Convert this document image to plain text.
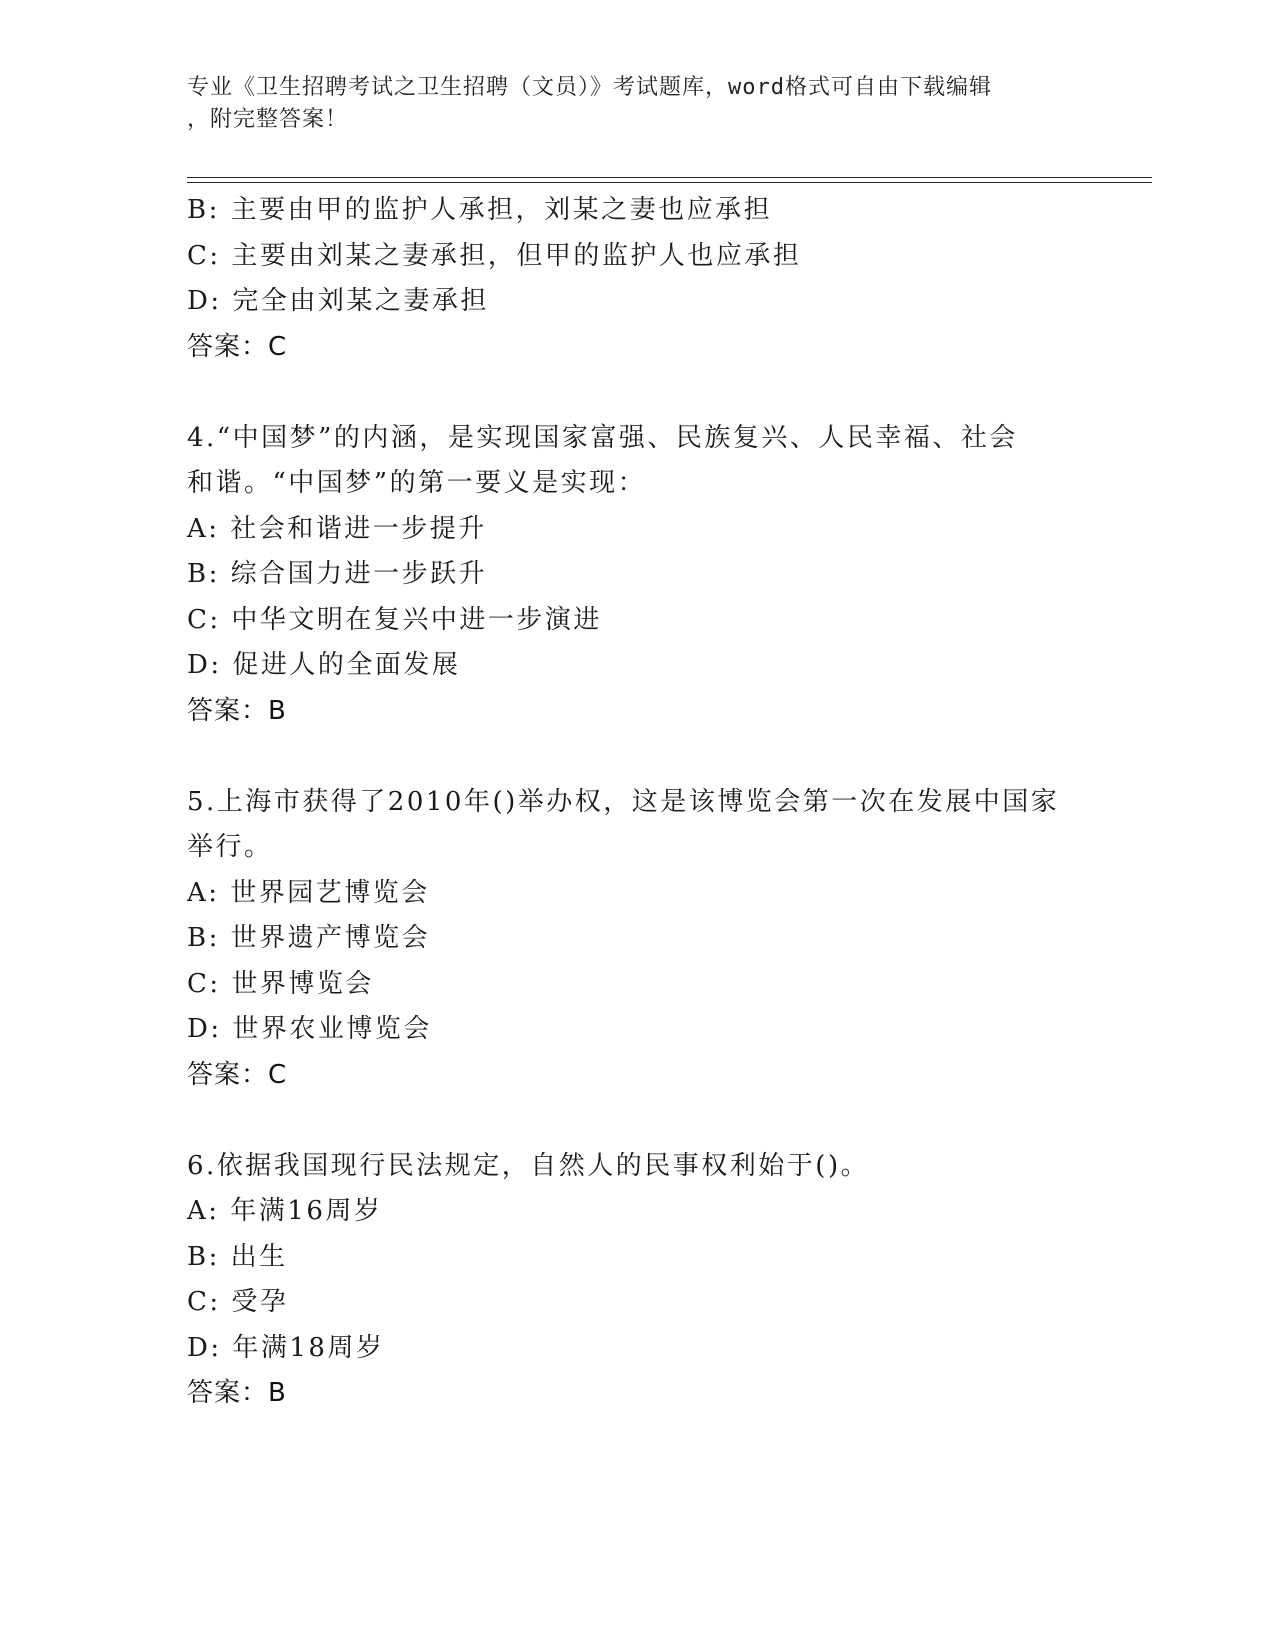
专业《卫生招聘考试之卫生招聘（文员）》考试题库，word格式可自由下载编辑
，附完整答案！
B: 主要由甲的监护人承担，刘某之妻也应承担
C: 主要由刘某之妻承担，但甲的监护人也应承担
D: 完全由刘某之妻承担
答案：C
4.“中国梦”的内涵，是实现国家富强、民族复兴、人民幸福、社会
和谐。“中国梦”的第一要义是实现：
A: 社会和谐进一步提升
B: 综合国力进一步跃升
C: 中华文明在复兴中进一步演进
D: 促进人的全面发展
答案：B
5.上海市获得了2010年()举办权，这是该博览会第一次在发展中国家
举行。
A: 世界园艺博览会
B: 世界遗产博览会
C: 世界博览会
D: 世界农业博览会
答案：C
6.依据我国现行民法规定，自然人的民事权利始于()。
A: 年满16周岁
B: 出生
C: 受孕
D: 年满18周岁
答案：B
